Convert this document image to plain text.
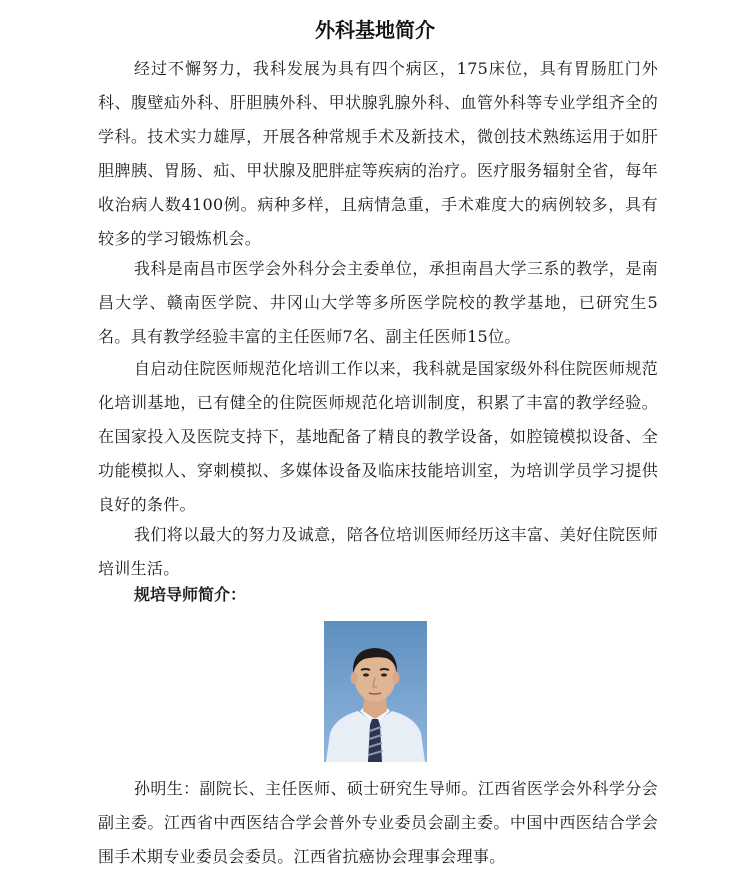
外科基地简介

经过不懈努力，我科发展为具有四个病区，175床位，具有胃肠肛门外科、腹壁疝外科、肝胆胰外科、甲状腺乳腺外科、血管外科等专业学组齐全的学科。技术实力雄厚，开展各种常规手术及新技术，微创技术熟练运用于如肝胆脾胰、胃肠、疝、甲状腺及肥胖症等疾病的治疗。医疗服务辐射全省，每年收治病人数4100例。病种多样，且病情急重，手术难度大的病例较多，具有较多的学习锻炼机会。

我科是南昌市医学会外科分会主委单位，承担南昌大学三系的教学，是南昌大学、赣南医学院、井冈山大学等多所医学院校的教学基地，已研究生5名。具有教学经验丰富的主任医师7名、副主任医师15位。

自启动住院医师规范化培训工作以来，我科就是国家级外科住院医师规范化培训基地，已有健全的住院医师规范化培训制度，积累了丰富的教学经验。在国家投入及医院支持下，基地配备了精良的教学设备，如腔镜模拟设备、全功能模拟人、穿刺模拟、多媒体设备及临床技能培训室，为培训学员学习提供良好的条件。

我们将以最大的努力及诚意，陪各位培训医师经历这丰富、美好住院医师培训生活。

规培导师简介：

孙明生：副院长、主任医师、硕士研究生导师。江西省医学会外科学分会副主委。江西省中西医结合学会普外专业委员会副主委。中国中西医结合学会围手术期专业委员会委员。江西省抗癌协会理事会理事。
